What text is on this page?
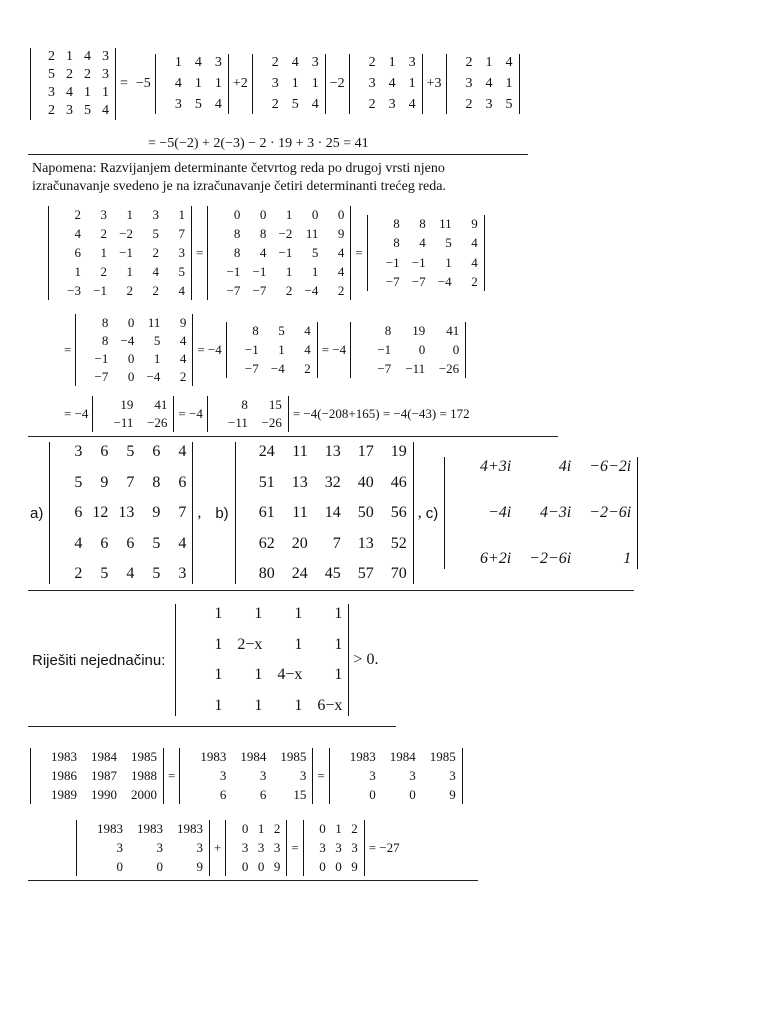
2 1 4 3
5 2 2 3
3 4 1 1
2 3 5 4
= −5
1 4 3
4 1 1
3 5 4
+2
2 4 3
3 1 1
2 5 4
−2
2 1 3
3 4 1
2 3 4
+3
2 1 4
3 4 1
2 3 5
= −5(−2) + 2(−3) − 2 · 19 + 3 · 25 = 41
Napomena: Razvijanjem determinante četvrtog reda po drugoj vrsti njeno
izračunavanje svedeno je na izračunavanje četiri determinanti trećeg reda.
2	3	1	3	1
4	2 −2	5	7
6	1 −1	2	3
1	2	1	4	5
−3 −1	2	2	4
=
0	0	1	0	0
8	8 −2	11	9
8	4 −1	5	4
−1 −1	1	1	4
−7 −7	2 −4	2
=
8	8	11	9
8	4	5	4
−1 −1	1	4
−7 −7 −4	2
=
8	0	11	9
8 −4	5	4
−1	0	1	4
−7	0 −4	2
= −4
8	5	4
−1	1	4
−7 −4	2
= −4
8	19	41
−1	0	0
−7	−11	−26
= −4
19	41
−11	−26
= −4
8	15
−11	−26
= −4(−208+165) = −4(−43) = 172
a)
3	6	5	6	4
5	9	7	8	6
6 12 13	9	7
4	6	6	5	4
2	5	4	5	3
, b)
24	11	13	17	19
51	13	32	40	46
61	11	14	50	56
62	20	7	13	52
80	24	45	57	70
, c)
4+3i	4i	−6−2i
−4i	4−3i	−2−6i
6+2i	−2−6i	1
Riješiti nejednačinu:
1	1	1	1
1 2−x	1	1
1	1 4−x	1
1	1	1 6−x
> 0.
1983	1984	1985
1986	1987	1988
1989	1990	2000
=
1983	1984	1985
3	3	3
6	6	15
=
1983	1984	1985
3	3	3
0	0	9
1983	1983	1983
3	3	3
0	0	9
+
0 1 2
3 3 3
0 0 9
=
0 1 2
3 3 3
0 0 9
= −27
